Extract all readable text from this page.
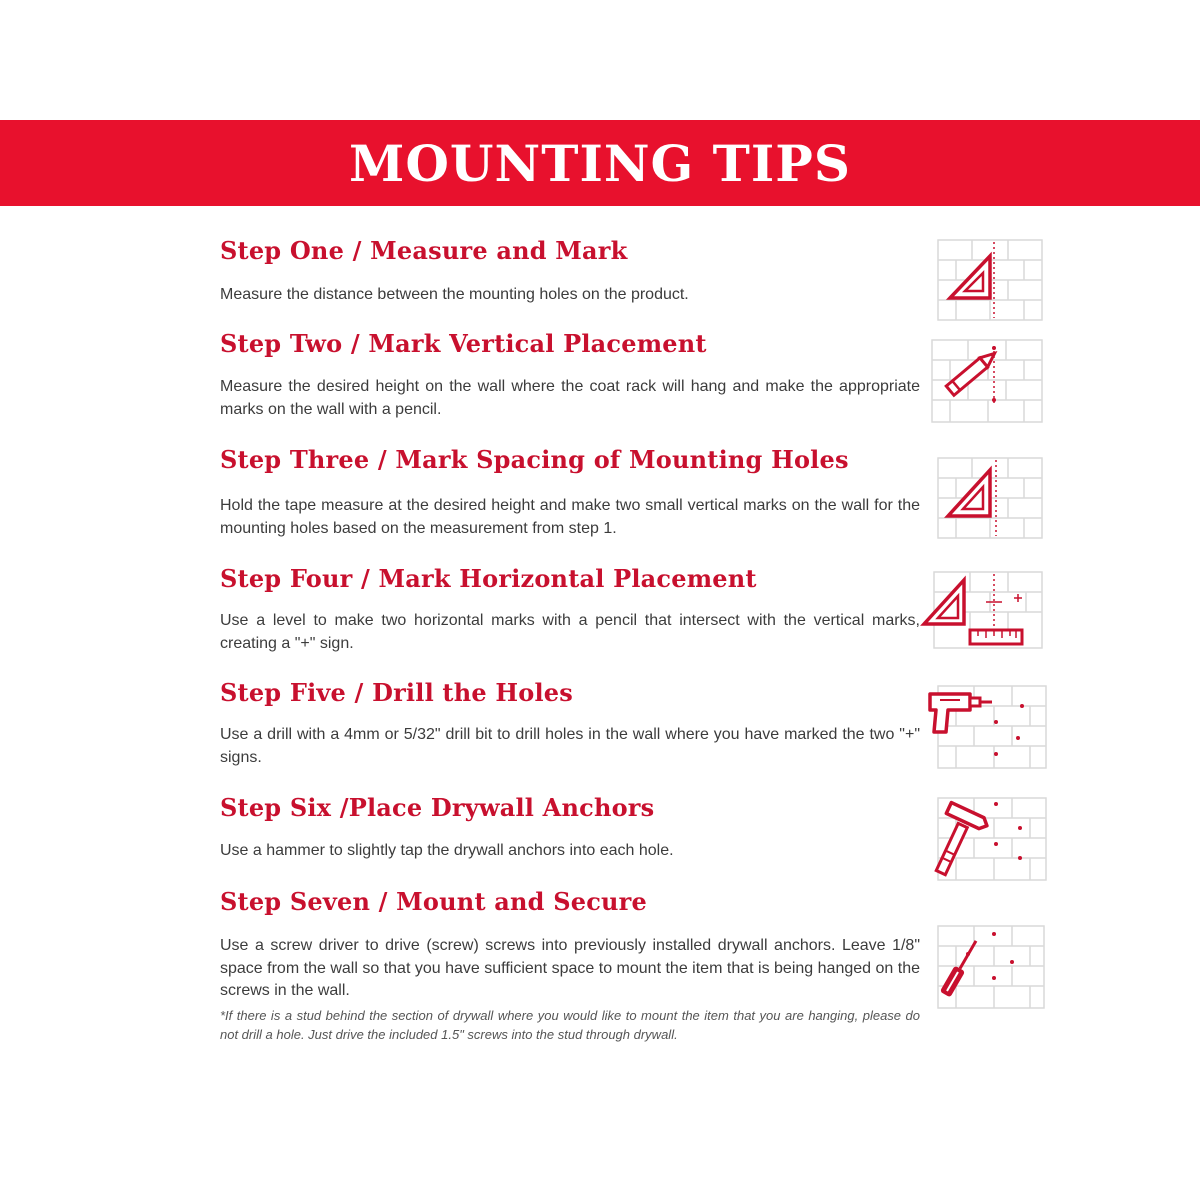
MOUNTING TIPS
Step One / Measure and Mark

Measure the distance between the mounting holes on the product.

Step Two / Mark Vertical Placement

Measure the desired height on the wall where the coat rack will hang and make the appropriate marks on the wall with a pencil.

Step Three / Mark Spacing of Mounting Holes

Hold the tape measure at the desired height and make two small vertical marks on the wall for the mounting holes based on the measurement from step 1.

Step Four / Mark Horizontal Placement

Use a level to make two horizontal marks with a pencil that intersect with the vertical marks, creating a "+" sign.

Step Five / Drill the Holes

Use a drill with a 4mm or 5/32" drill bit to drill holes in the wall where you have marked the two "+" signs.

Step Six /Place Drywall Anchors

Use a hammer to slightly tap the drywall anchors into each hole.

Step Seven / Mount and Secure

Use a screw driver to drive (screw) screws into previously installed drywall anchors. Leave 1/8" space from the wall so that you have sufficient space to mount the item that is being hanged on the screws in the wall.

*If there is a stud behind the section of drywall where you would like to mount the item that you are hanging, please do not drill a hole. Just drive the included 1.5" screws into the stud through drywall.
